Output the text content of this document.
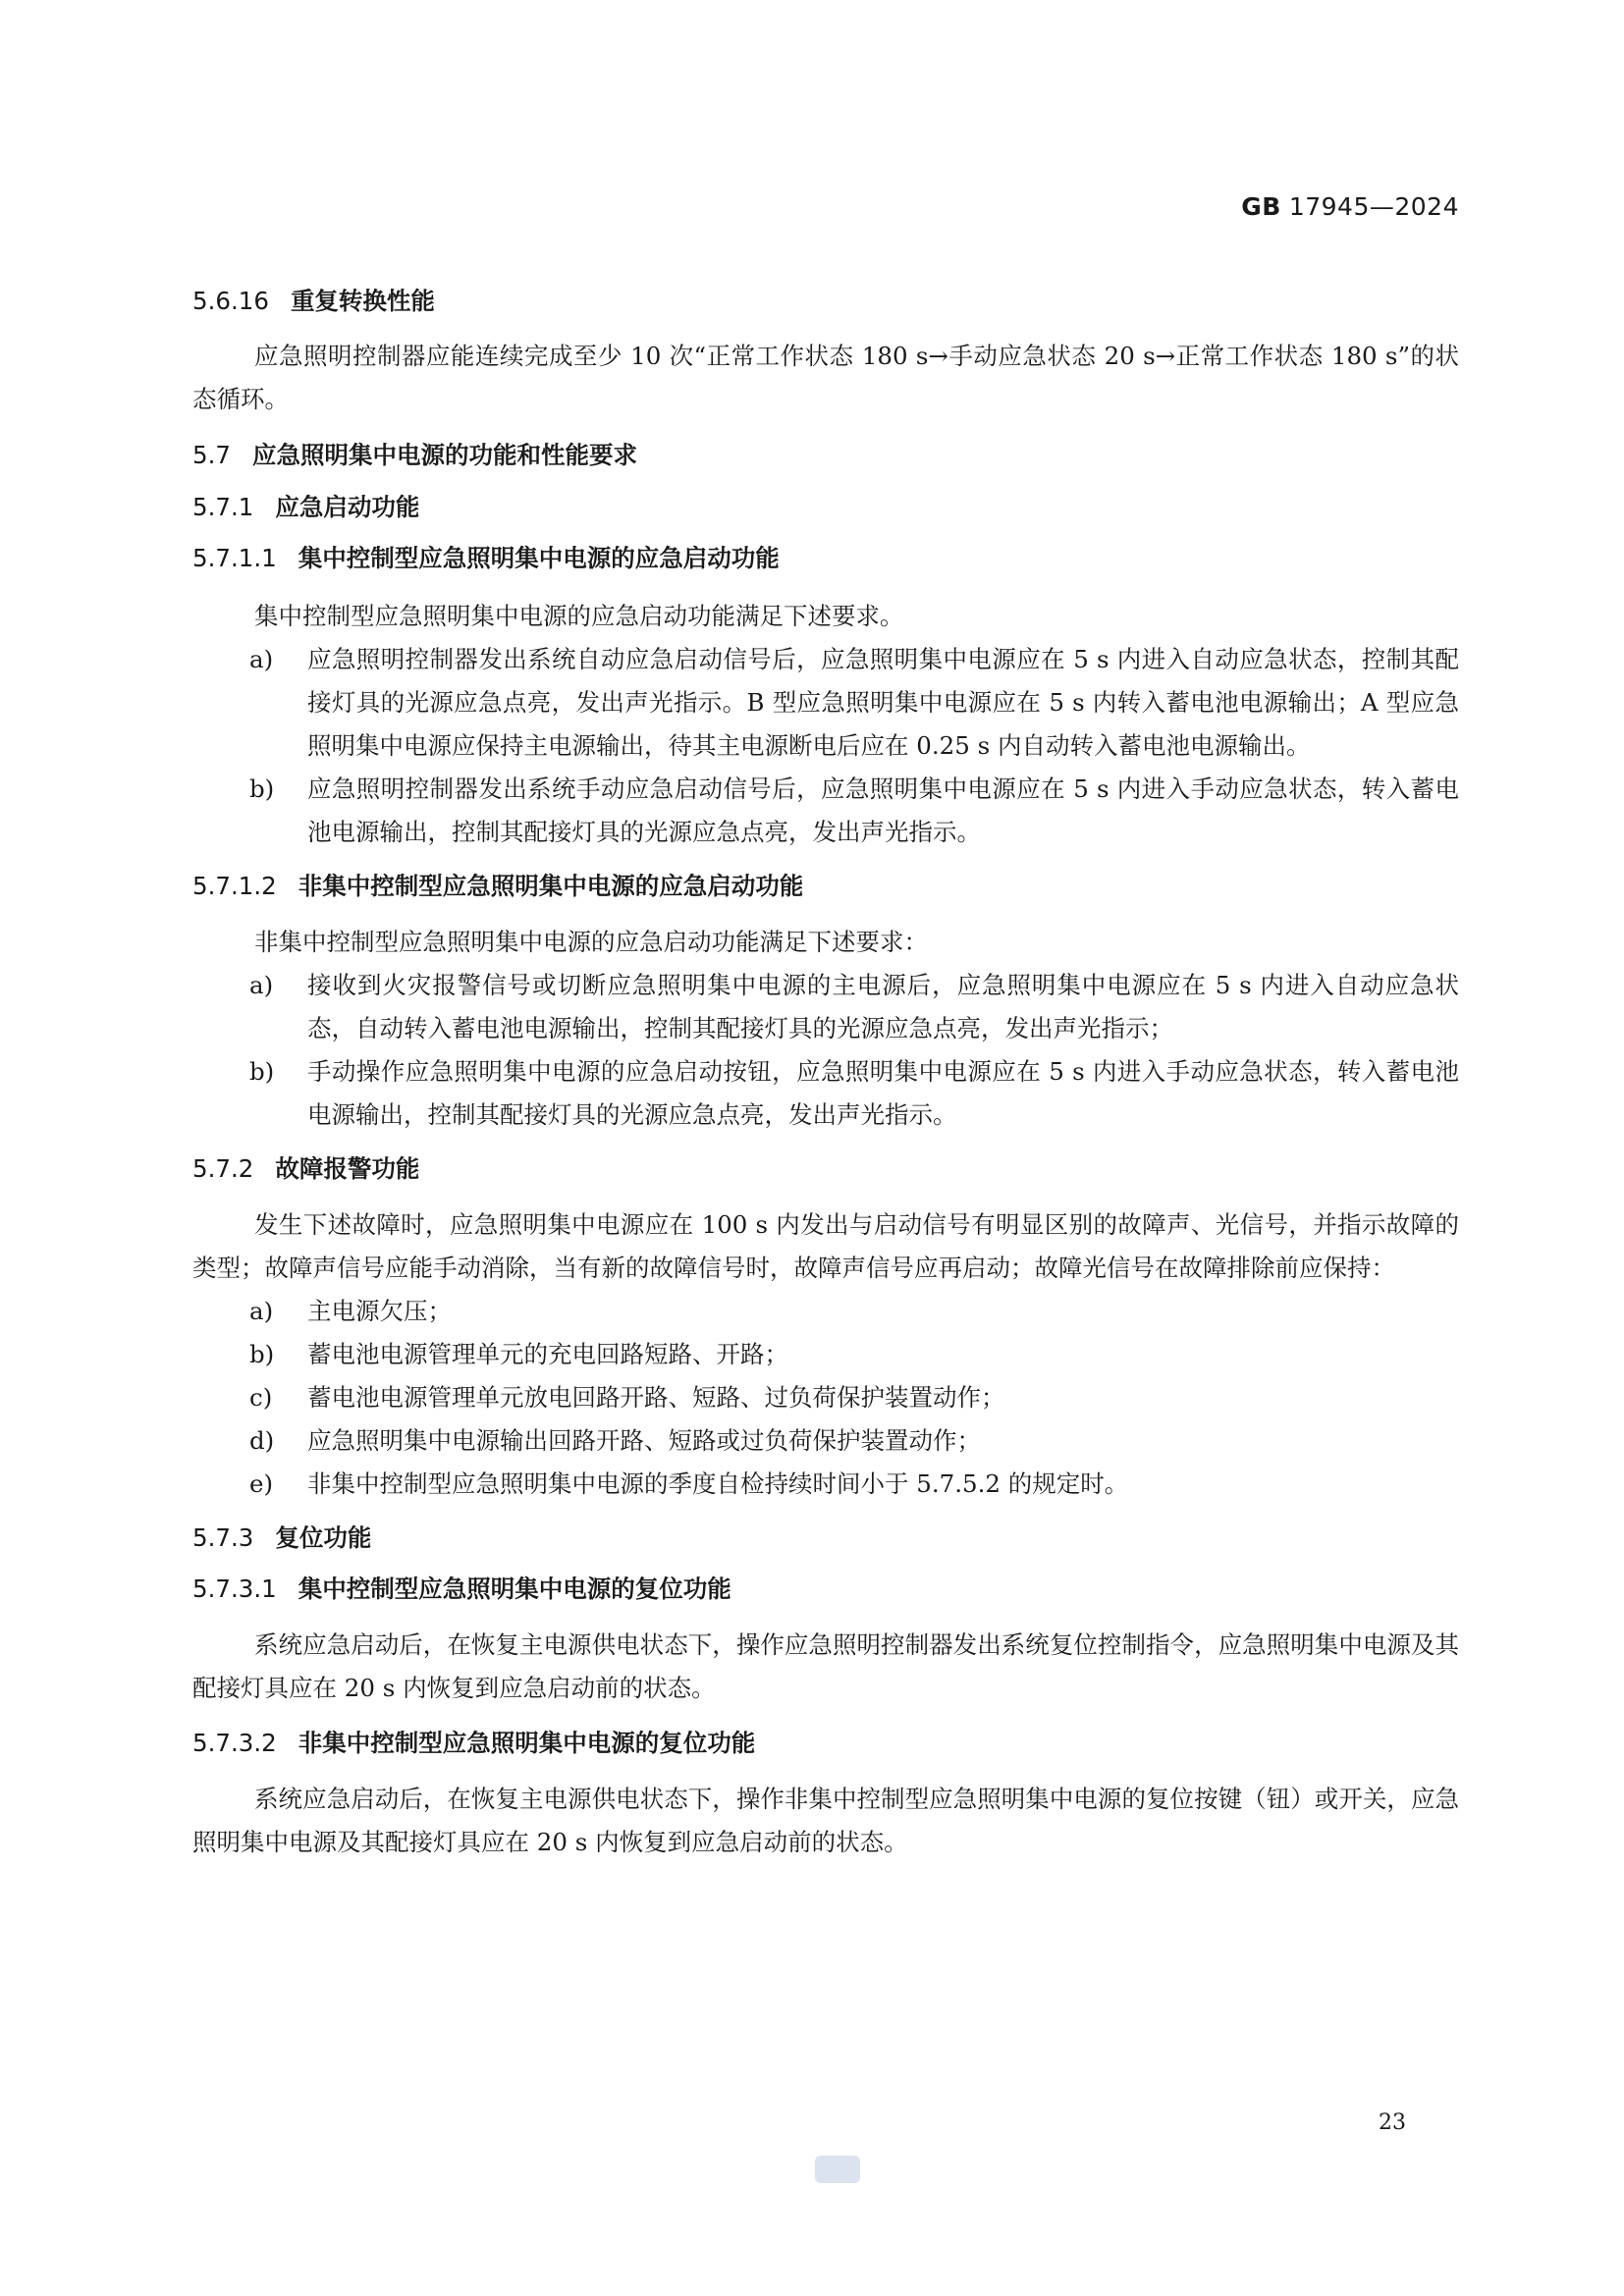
GB 17945—2024
5.6.16 重复转换性能

应急照明控制器应能连续完成至少 10 次“正常工作状态 180 s→手动应急状态 20 s→正常工作状态 180 s”的状态循环。

5.7 应急照明集中电源的功能和性能要求
5.7.1 应急启动功能
5.7.1.1 集中控制型应急照明集中电源的应急启动功能

集中控制型应急照明集中电源的应急启动功能满足下述要求。

a) 应急照明控制器发出系统自动应急启动信号后，应急照明集中电源应在 5 s 内进入自动应急状态，控制其配接灯具的光源应急点亮，发出声光指示。B 型应急照明集中电源应在 5 s 内转入蓄电池电源输出；A 型应急照明集中电源应保持主电源输出，待其主电源断电后应在 0.25 s 内自动转入蓄电池电源输出。
b) 应急照明控制器发出系统手动应急启动信号后，应急照明集中电源应在 5 s 内进入手动应急状态，转入蓄电池电源输出，控制其配接灯具的光源应急点亮，发出声光指示。
5.7.1.2 非集中控制型应急照明集中电源的应急启动功能

非集中控制型应急照明集中电源的应急启动功能满足下述要求：

a) 接收到火灾报警信号或切断应急照明集中电源的主电源后，应急照明集中电源应在 5 s 内进入自动应急状态，自动转入蓄电池电源输出，控制其配接灯具的光源应急点亮，发出声光指示；
b) 手动操作应急照明集中电源的应急启动按钮，应急照明集中电源应在 5 s 内进入手动应急状态，转入蓄电池电源输出，控制其配接灯具的光源应急点亮，发出声光指示。
5.7.2 故障报警功能

发生下述故障时，应急照明集中电源应在 100 s 内发出与启动信号有明显区别的故障声、光信号，并指示故障的类型；故障声信号应能手动消除，当有新的故障信号时，故障声信号应再启动；故障光信号在故障排除前应保持：

a) 主电源欠压；
b) 蓄电池电源管理单元的充电回路短路、开路；
c) 蓄电池电源管理单元放电回路开路、短路、过负荷保护装置动作；
d) 应急照明集中电源输出回路开路、短路或过负荷保护装置动作；
e) 非集中控制型应急照明集中电源的季度自检持续时间小于 5.7.5.2 的规定时。
5.7.3 复位功能
5.7.3.1 集中控制型应急照明集中电源的复位功能

系统应急启动后，在恢复主电源供电状态下，操作应急照明控制器发出系统复位控制指令，应急照明集中电源及其配接灯具应在 20 s 内恢复到应急启动前的状态。

5.7.3.2 非集中控制型应急照明集中电源的复位功能

系统应急启动后，在恢复主电源供电状态下，操作非集中控制型应急照明集中电源的复位按键（钮）或开关，应急照明集中电源及其配接灯具应在 20 s 内恢复到应急启动前的状态。

23
